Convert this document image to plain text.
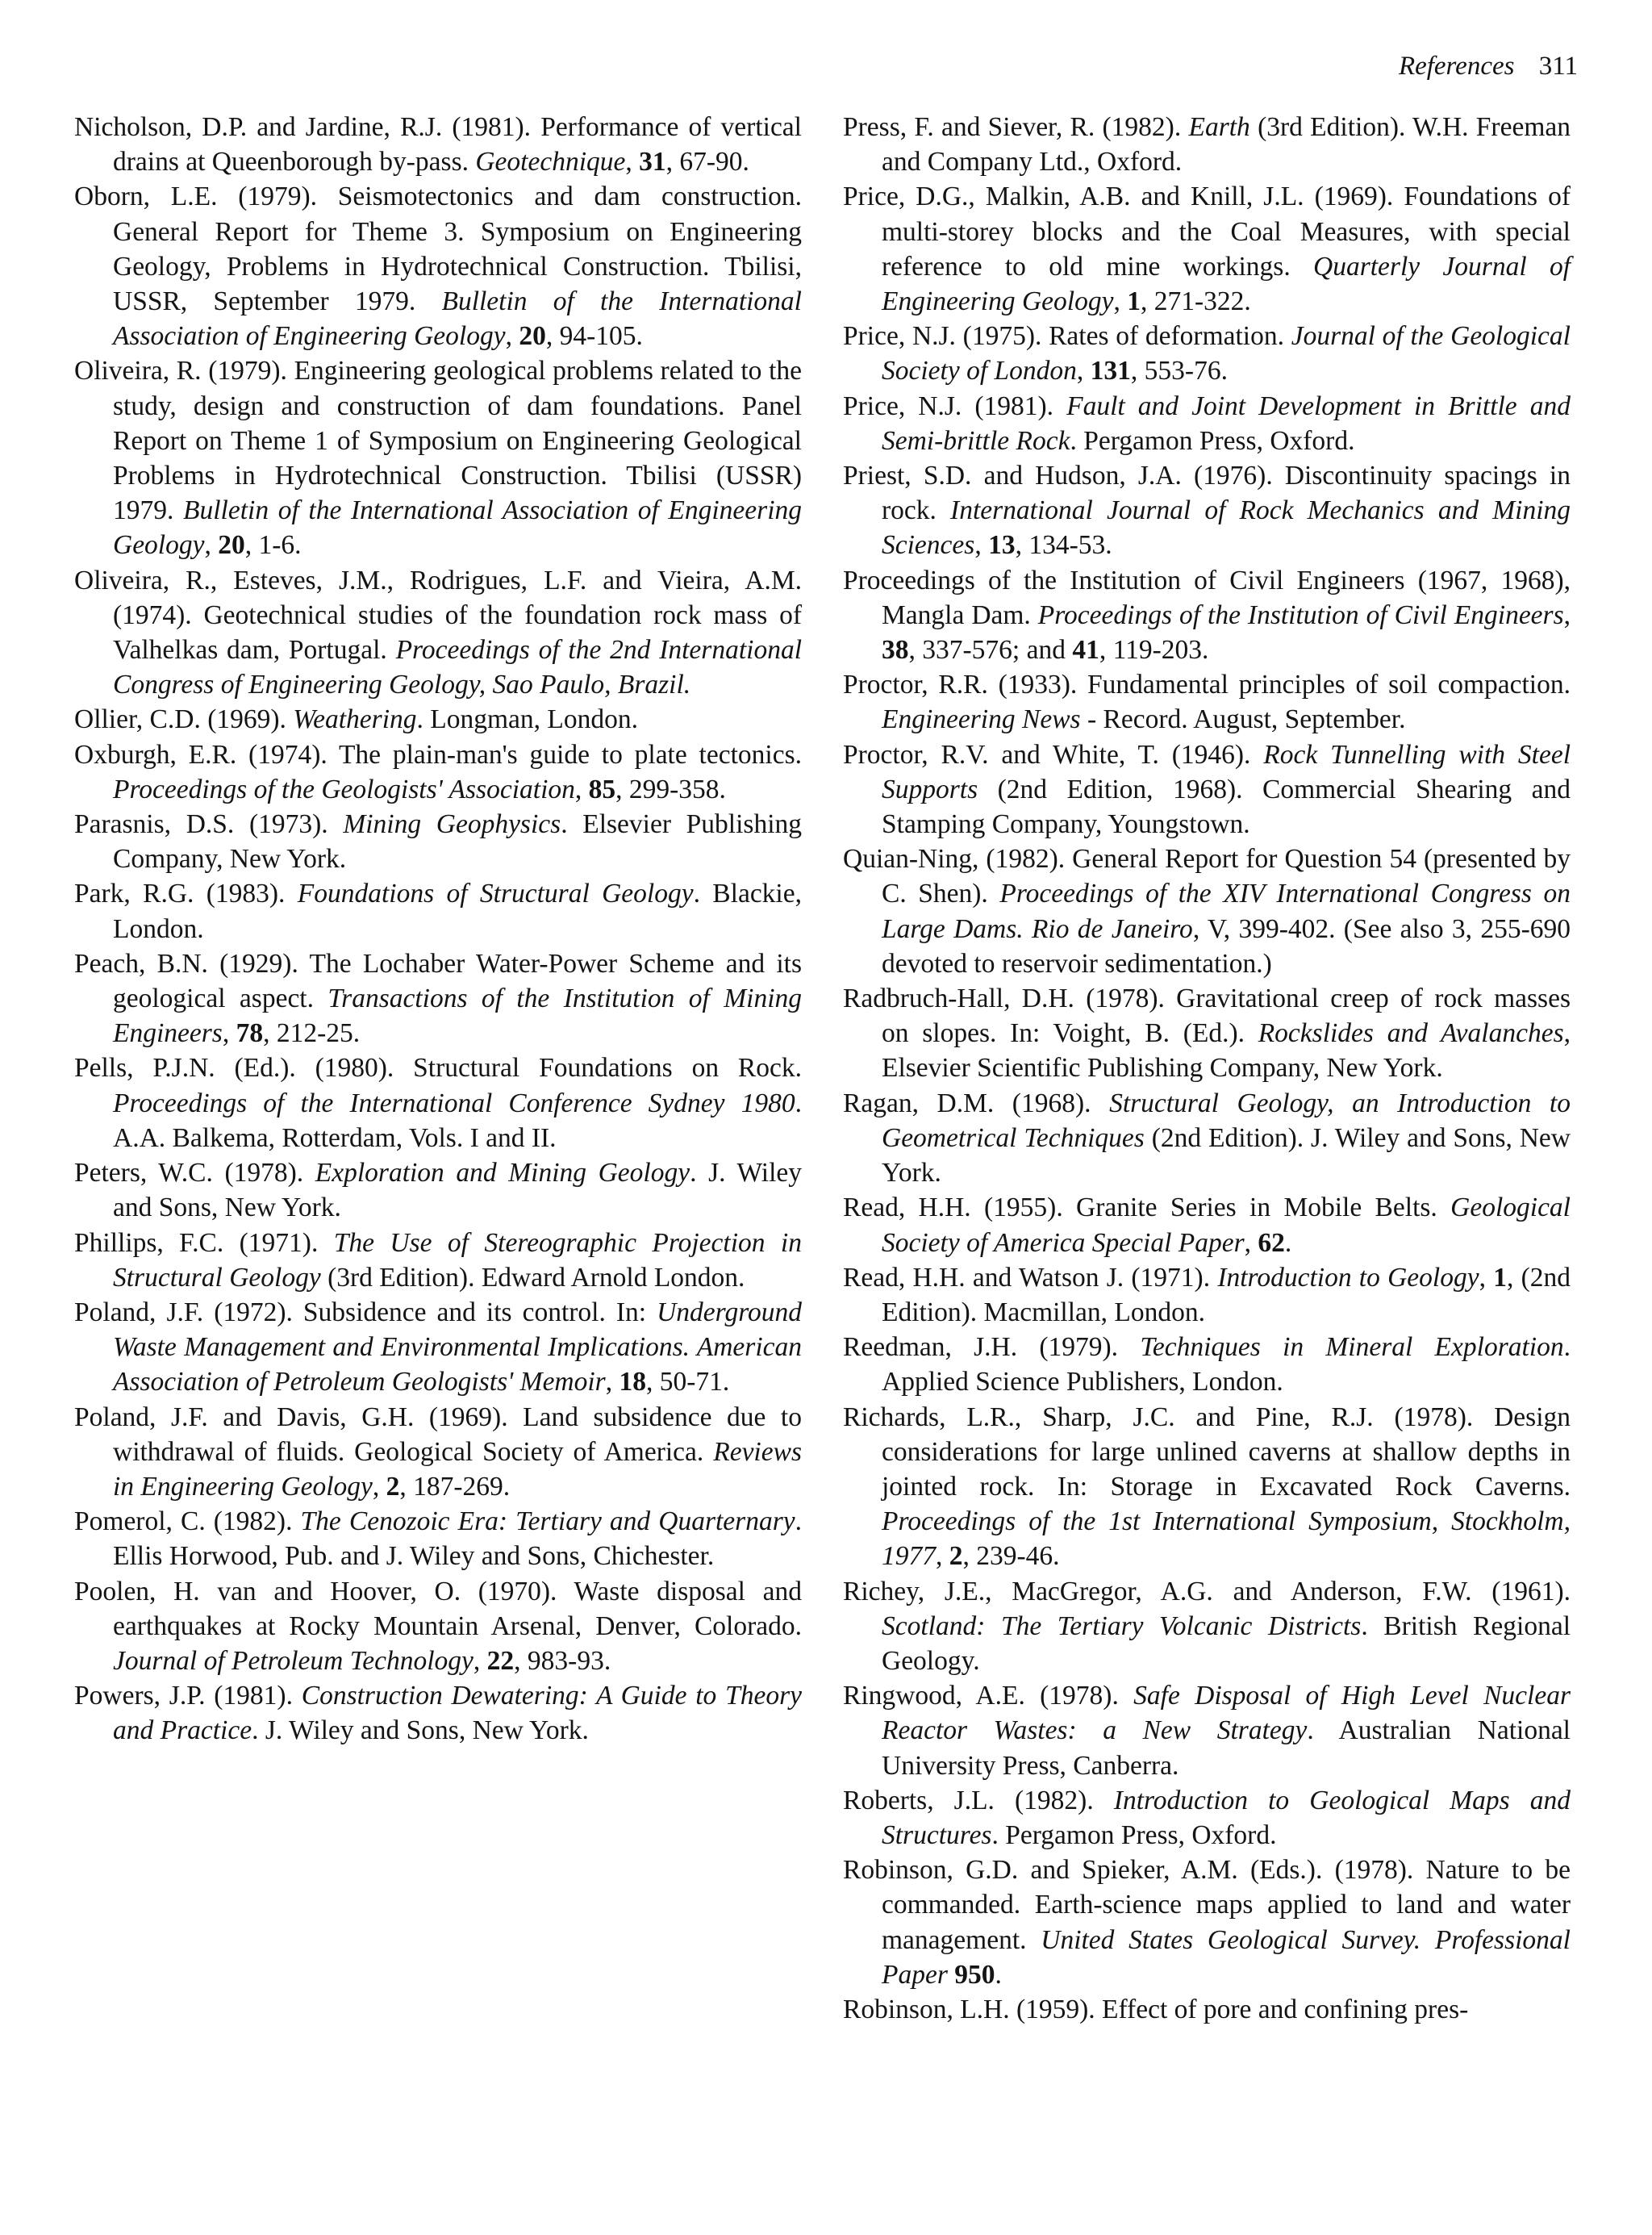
References 311

Nicholson, D.P. and Jardine, R.J. (1981). Performance of vertical drains at Queenborough by-pass. Geotechnique, 31, 67-90.

Oborn, L.E. (1979). Seismotectonics and dam construction. General Report for Theme 3. Symposium on Engineering Geology, Problems in Hydrotechnical Construction. Tbilisi, USSR, September 1979. Bulletin of the International Association of Engineering Geology, 20, 94-105.

Oliveira, R. (1979). Engineering geological problems related to the study, design and construction of dam foundations. Panel Report on Theme 1 of Symposium on Engineering Geological Problems in Hydrotechnical Construction. Tbilisi (USSR) 1979. Bulletin of the International Association of Engineering Geology, 20, 1-6.

Oliveira, R., Esteves, J.M., Rodrigues, L.F. and Vieira, A.M. (1974). Geotechnical studies of the foundation rock mass of Valhelkas dam, Portugal. Proceedings of the 2nd International Congress of Engineering Geology, Sao Paulo, Brazil.

Ollier, C.D. (1969). Weathering. Longman, London.

Oxburgh, E.R. (1974). The plain-man's guide to plate tectonics. Proceedings of the Geologists' Association, 85, 299-358.

Parasnis, D.S. (1973). Mining Geophysics. Elsevier Publishing Company, New York.

Park, R.G. (1983). Foundations of Structural Geology. Blackie, London.

Peach, B.N. (1929). The Lochaber Water-Power Scheme and its geological aspect. Transactions of the Institution of Mining Engineers, 78, 212-25.

Pells, P.J.N. (Ed.). (1980). Structural Foundations on Rock. Proceedings of the International Conference Sydney 1980. A.A. Balkema, Rotterdam, Vols. I and II.

Peters, W.C. (1978). Exploration and Mining Geology. J. Wiley and Sons, New York.

Phillips, F.C. (1971). The Use of Stereographic Projection in Structural Geology (3rd Edition). Edward Arnold London.

Poland, J.F. (1972). Subsidence and its control. In: Underground Waste Management and Environmental Implications. American Association of Petroleum Geologists' Memoir, 18, 50-71.

Poland, J.F. and Davis, G.H. (1969). Land subsidence due to withdrawal of fluids. Geological Society of America. Reviews in Engineering Geology, 2, 187-269.

Pomerol, C. (1982). The Cenozoic Era: Tertiary and Quarternary. Ellis Horwood, Pub. and J. Wiley and Sons, Chichester.

Poolen, H. van and Hoover, O. (1970). Waste disposal and earthquakes at Rocky Mountain Arsenal, Denver, Colorado. Journal of Petroleum Technology, 22, 983-93.

Powers, J.P. (1981). Construction Dewatering: A Guide to Theory and Practice. J. Wiley and Sons, New York.

Press, F. and Siever, R. (1982). Earth (3rd Edition). W.H. Freeman and Company Ltd., Oxford.

Price, D.G., Malkin, A.B. and Knill, J.L. (1969). Foundations of multi-storey blocks and the Coal Measures, with special reference to old mine workings. Quarterly Journal of Engineering Geology, 1, 271-322.

Price, N.J. (1975). Rates of deformation. Journal of the Geological Society of London, 131, 553-76.

Price, N.J. (1981). Fault and Joint Development in Brittle and Semi-brittle Rock. Pergamon Press, Oxford.

Priest, S.D. and Hudson, J.A. (1976). Discontinuity spacings in rock. International Journal of Rock Mechanics and Mining Sciences, 13, 134-53.

Proceedings of the Institution of Civil Engineers (1967, 1968), Mangla Dam. Proceedings of the Institution of Civil Engineers, 38, 337-576; and 41, 119-203.

Proctor, R.R. (1933). Fundamental principles of soil compaction. Engineering News - Record. August, September.

Proctor, R.V. and White, T. (1946). Rock Tunnelling with Steel Supports (2nd Edition, 1968). Commercial Shearing and Stamping Company, Youngstown.

Quian-Ning, (1982). General Report for Question 54 (presented by C. Shen). Proceedings of the XIV International Congress on Large Dams. Rio de Janeiro, V, 399-402. (See also 3, 255-690 devoted to reservoir sedimentation.)

Radbruch-Hall, D.H. (1978). Gravitational creep of rock masses on slopes. In: Voight, B. (Ed.). Rockslides and Avalanches, Elsevier Scientific Publishing Company, New York.

Ragan, D.M. (1968). Structural Geology, an Introduction to Geometrical Techniques (2nd Edition). J. Wiley and Sons, New York.

Read, H.H. (1955). Granite Series in Mobile Belts. Geological Society of America Special Paper, 62.

Read, H.H. and Watson J. (1971). Introduction to Geology, 1, (2nd Edition). Macmillan, London.

Reedman, J.H. (1979). Techniques in Mineral Exploration. Applied Science Publishers, London.

Richards, L.R., Sharp, J.C. and Pine, R.J. (1978). Design considerations for large unlined caverns at shallow depths in jointed rock. In: Storage in Excavated Rock Caverns. Proceedings of the 1st International Symposium, Stockholm, 1977, 2, 239-46.

Richey, J.E., MacGregor, A.G. and Anderson, F.W. (1961). Scotland: The Tertiary Volcanic Districts. British Regional Geology.

Ringwood, A.E. (1978). Safe Disposal of High Level Nuclear Reactor Wastes: a New Strategy. Australian National University Press, Canberra.

Roberts, J.L. (1982). Introduction to Geological Maps and Structures. Pergamon Press, Oxford.

Robinson, G.D. and Spieker, A.M. (Eds.). (1978). Nature to be commanded. Earth-science maps applied to land and water management. United States Geological Survey. Professional Paper 950.

Robinson, L.H. (1959). Effect of pore and confining pres-
